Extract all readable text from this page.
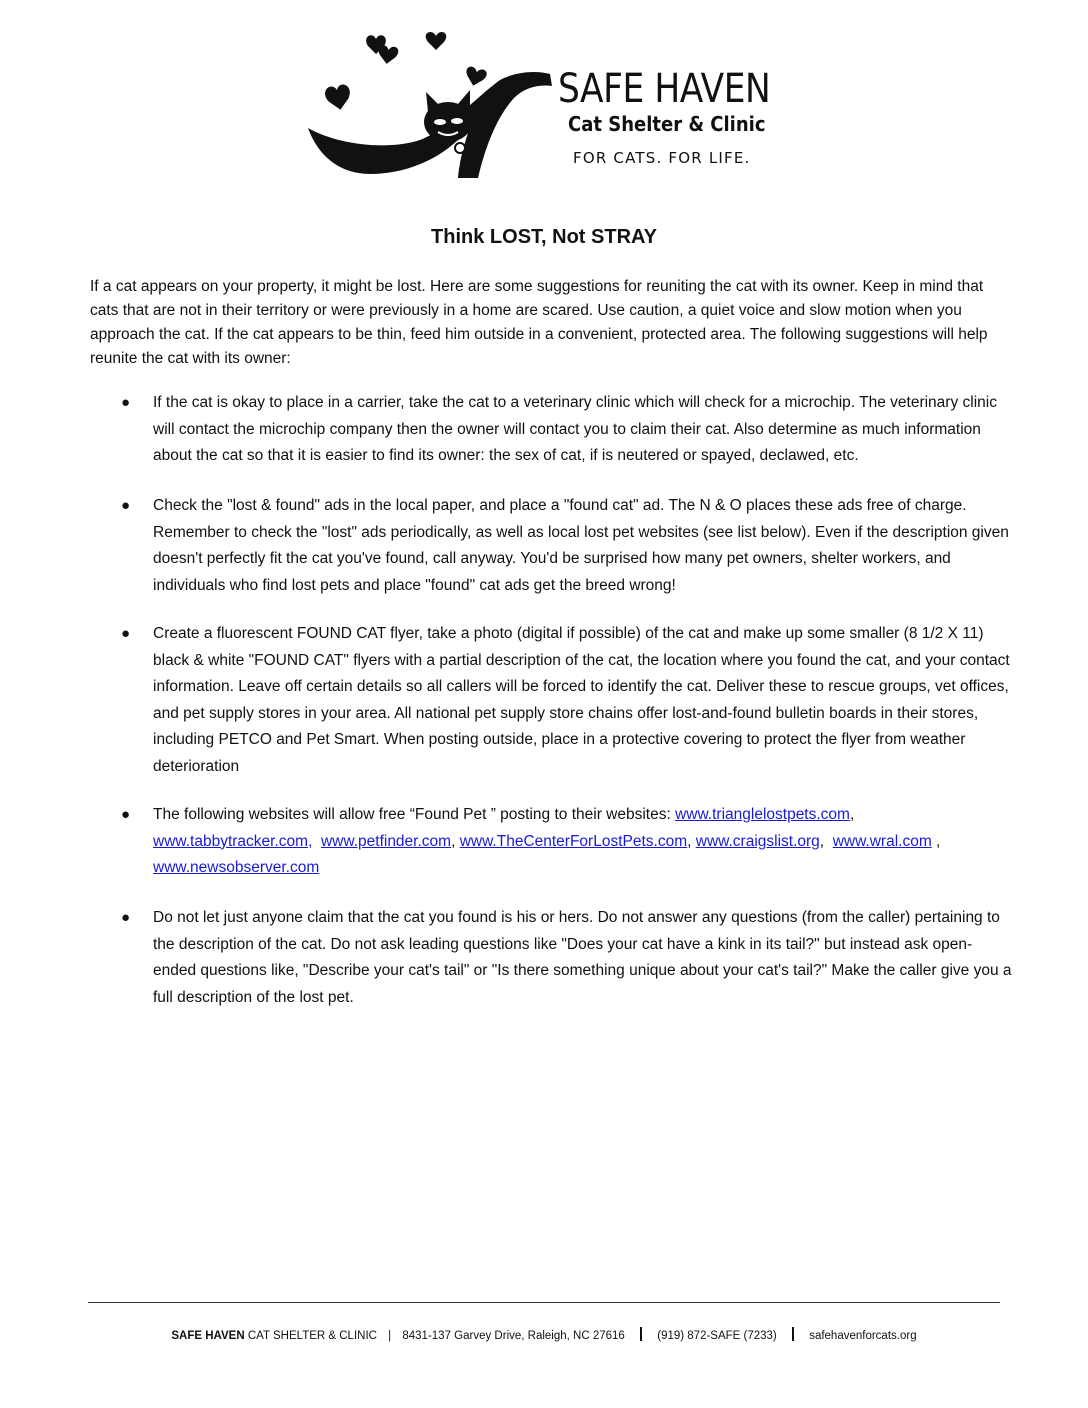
SAFE HAVEN
Cat Shelter & Clinic
FOR CATS. FOR LIFE.
Think LOST, Not STRAY

If a cat appears on your property, it might be lost. Here are some suggestions for reuniting the cat with its owner. Keep in mind that cats that are not in their territory or were previously in a home are scared. Use caution, a quiet voice and slow motion when you approach the cat. If the cat appears to be thin, feed him outside in a convenient, protected area. The following suggestions will help reunite the cat with its owner:

● If the cat is okay to place in a carrier, take the cat to a veterinary clinic which will check for a microchip. The veterinary clinic will contact the microchip company then the owner will contact you to claim their cat. Also determine as much information about the cat so that it is easier to find its owner: the sex of cat, if is neutered or spayed, declawed, etc.
● Check the "lost & found" ads in the local paper, and place a "found cat" ad. The N & O places these ads free of charge. Remember to check the "lost" ads periodically, as well as local lost pet websites (see list below). Even if the description given doesn't perfectly fit the cat you've found, call anyway. You'd be surprised how many pet owners, shelter workers, and individuals who find lost pets and place "found" cat ads get the breed wrong!
● Create a fluorescent FOUND CAT flyer, take a photo (digital if possible) of the cat and make up some smaller (8 1/2 X 11) black & white "FOUND CAT" flyers with a partial description of the cat, the location where you found the cat, and your contact information. Leave off certain details so all callers will be forced to identify the cat. Deliver these to rescue groups, vet offices, and pet supply stores in your area. All national pet supply store chains offer lost-and-found bulletin boards in their stores, including PETCO and Pet Smart. When posting outside, place in a protective covering to protect the flyer from weather deterioration
● The following websites will allow free “Found Pet ” posting to their websites: www.trianglelostpets.com, www.tabbytracker.com, www.petfinder.com, www.TheCenterForLostPets.com, www.craigslist.org,  www.wral.com , www.newsobserver.com
● Do not let just anyone claim that the cat you found is his or hers. Do not answer any questions (from the caller) pertaining to the description of the cat. Do not ask leading questions like "Does your cat have a kink in its tail?" but instead ask open-ended questions like, "Describe your cat's tail" or "Is there something unique about your cat's tail?" Make the caller give you a full description of the lost pet.
SAFE HAVEN CAT SHELTER & CLINIC | 8431-137 Garvey Drive, Raleigh, NC 27616	(919) 872-SAFE (7233)	safehavenforcats.org
